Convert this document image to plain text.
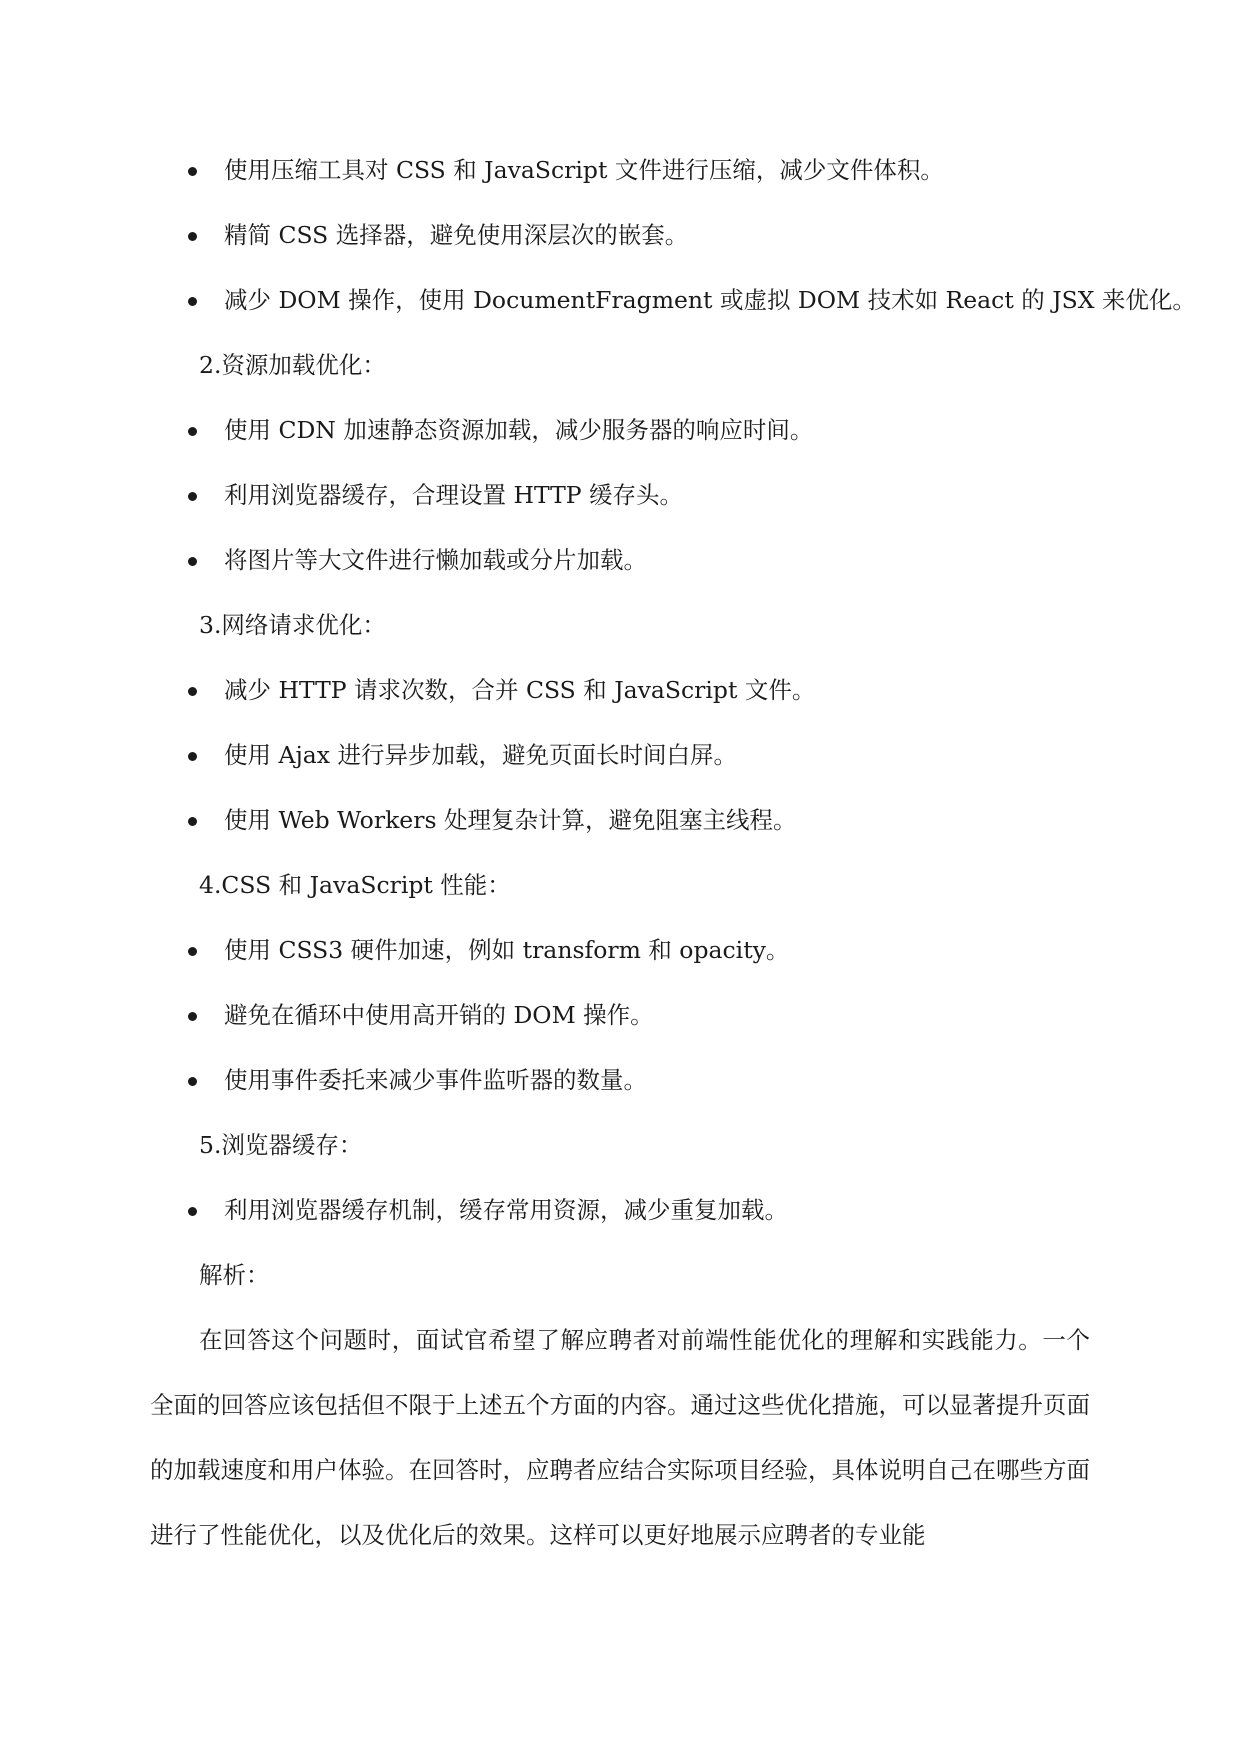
使用压缩工具对 CSS 和 JavaScript 文件进行压缩，减少文件体积。
精简 CSS 选择器，避免使用深层次的嵌套。
减少 DOM 操作，使用 DocumentFragment 或虚拟 DOM 技术如 React 的 JSX 来优化。
2.资源加载优化：
使用 CDN 加速静态资源加载，减少服务器的响应时间。
利用浏览器缓存，合理设置 HTTP 缓存头。
将图片等大文件进行懒加载或分片加载。
3.网络请求优化：
减少 HTTP 请求次数，合并 CSS 和 JavaScript 文件。
使用 Ajax 进行异步加载，避免页面长时间白屏。
使用 Web Workers 处理复杂计算，避免阻塞主线程。
4.CSS 和 JavaScript 性能：
使用 CSS3 硬件加速，例如 transform 和 opacity。
避免在循环中使用高开销的 DOM 操作。
使用事件委托来减少事件监听器的数量。
5.浏览器缓存：
利用浏览器缓存机制，缓存常用资源，减少重复加载。
解析：
在回答这个问题时，面试官希望了解应聘者对前端性能优化的理解和实践能力。一个全面的回答应该包括但不限于上述五个方面的内容。通过这些优化措施，可以显著提升页面的加载速度和用户体验。在回答时，应聘者应结合实际项目经验，具体说明自己在哪些方面进行了性能优化，以及优化后的效果。这样可以更好地展示应聘者的专业能
